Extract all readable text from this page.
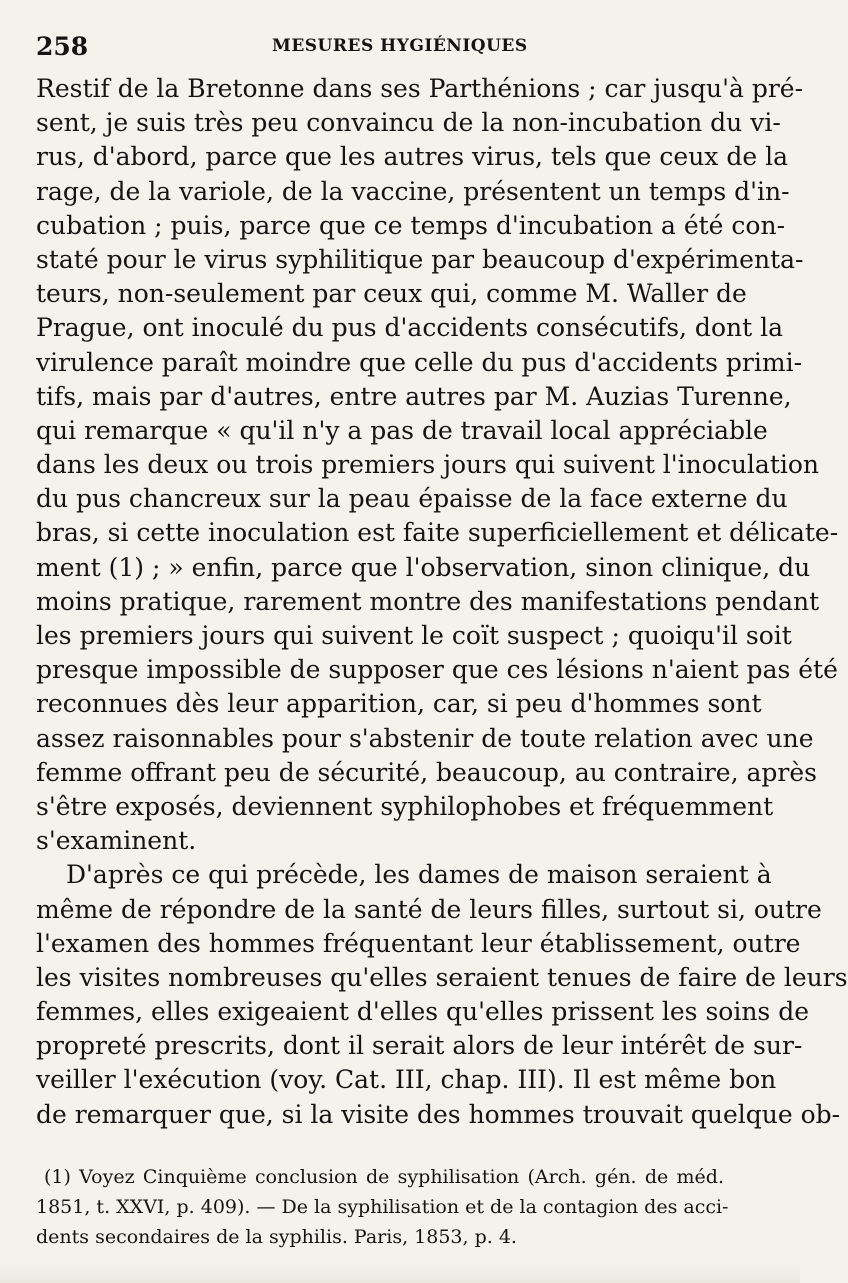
258	MESURES HYGIÉNIQUES
Restif de la Bretonne dans ses Parthénions ; car jusqu'à pré-
sent, je suis très peu convaincu de la non-incubation du vi-
rus, d'abord, parce que les autres virus, tels que ceux de la
rage, de la variole, de la vaccine, présentent un temps d'in-
cubation ; puis, parce que ce temps d'incubation a été con-
staté pour le virus syphilitique par beaucoup d'expérimenta-
teurs, non-seulement par ceux qui, comme M. Waller de
Prague, ont inoculé du pus d'accidents consécutifs, dont la
virulence paraît moindre que celle du pus d'accidents primi-
tifs, mais par d'autres, entre autres par M. Auzias Turenne,
qui remarque « qu'il n'y a pas de travail local appréciable
dans les deux ou trois premiers jours qui suivent l'inoculation
du pus chancreux sur la peau épaisse de la face externe du
bras, si cette inoculation est faite superficiellement et délicate-
ment (1) ; » enfin, parce que l'observation, sinon clinique, du
moins pratique, rarement montre des manifestations pendant
les premiers jours qui suivent le coït suspect ; quoiqu'il soit
presque impossible de supposer que ces lésions n'aient pas été
reconnues dès leur apparition, car, si peu d'hommes sont
assez raisonnables pour s'abstenir de toute relation avec une
femme offrant peu de sécurité, beaucoup, au contraire, après
s'être exposés, deviennent syphilophobes et fréquemment
s'examinent.
D'après ce qui précède, les dames de maison seraient à
même de répondre de la santé de leurs filles, surtout si, outre
l'examen des hommes fréquentant leur établissement, outre
les visites nombreuses qu'elles seraient tenues de faire de leurs
femmes, elles exigeaient d'elles qu'elles prissent les soins de
propreté prescrits, dont il serait alors de leur intérêt de sur-
veiller l'exécution (voy. Cat. III, chap. III). Il est même bon
de remarquer que, si la visite des hommes trouvait quelque ob-
(1) Voyez Cinquième conclusion de syphilisation (Arch. gén. de méd.
1851, t. XXVI, p. 409). — De la syphilisation et de la contagion des acci-
dents secondaires de la syphilis. Paris, 1853, p. 4.
